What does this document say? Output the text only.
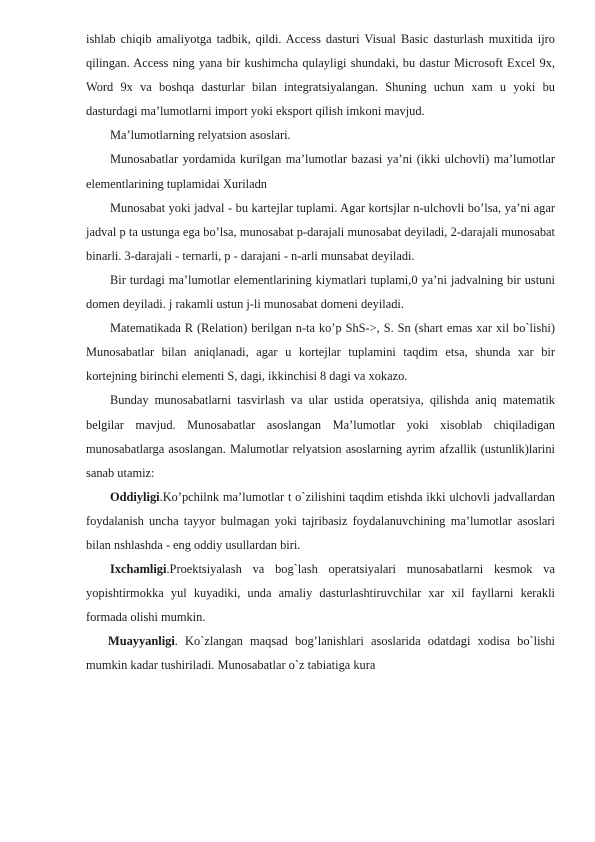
ishlab chiqib amaliyotga tadbik, qildi. Access dasturi Visual Basic dasturlash muxitida ijro qilingan. Access ning yana bir kushimcha qulayligi shundaki, bu dastur Microsoft Excel 9x, Word 9x va boshqa dasturlar bilan integratsiyalangan. Shuning uchun xam u yoki bu dasturdagi ma’lumotlarni import yoki eksport qilish imkoni mavjud.

Ma’lumotlarning relyatsion asoslari.

Munosabatlar yordamida kurilgan ma’lumotlar bazasi ya’ni (ikki ulchovli) ma’lumotlar elementlarining tuplamidai Xuriladn

Munosabat yoki jadval - bu kartejlar tuplami. Agar kortsjlar n-ulchovli bo’lsa, ya’ni agar jadval p ta ustunga ega bo’lsa, munosabat p-darajali munosabat deyiladi, 2-darajali munosabat binarli. 3-darajali - ternarli, p - darajani - n-arli munsabat deyiladi.

Bir turdagi ma’lumotlar elementlarining kiymatlari tuplami,0 ya’ni jadvalning bir ustuni domen deyiladi. j rakamli ustun j-li munosabat domeni deyiladi.

Matematikada R (Relation) berilgan n-ta ko’p ShS->, S. Sn (shart emas xar xil bo`lishi) Munosabatlar bilan aniqlanadi, agar u kortejlar tuplamini taqdim etsa, shunda xar bir kortejning birinchi elementi S, dagi, ikkinchisi 8 dagi va xokazo.

Bunday munosabatlarni tasvirlash va ular ustida operatsiya, qilishda aniq matematik belgilar mavjud. Munosabatlar asoslangan Ma’lumotlar yoki xisoblab chiqiladigan munosabatlarga asoslangan. Malumotlar relyatsion asoslarning ayrim afzallik (ustunlik)larini sanab utamiz:

Oddiyligi.Ko’pchilnk ma’lumotlar t o`zilishini taqdim etishda ikki ulchovli jadvallardan foydalanish uncha tayyor bulmagan yoki tajribasiz foydalanuvchining ma’lumotlar asoslari bilan nshlashda - eng oddiy usullardan biri.

Ixchamligi.Proektsiyalash va bog`lash operatsiyalari munosabatlarni kesmok va yopishtirmokka yul kuyadiki, unda amaliy dasturlashtiruvchilar xar xil fayllarni kerakli formada olishi mumkin.

Muayyanligi. Ko`zlangan maqsad bog’lanishlari asoslarida odatdagi xodisa bo`lishi mumkin kadar tushiriladi. Munosabatlar o`z tabiatiga kura
